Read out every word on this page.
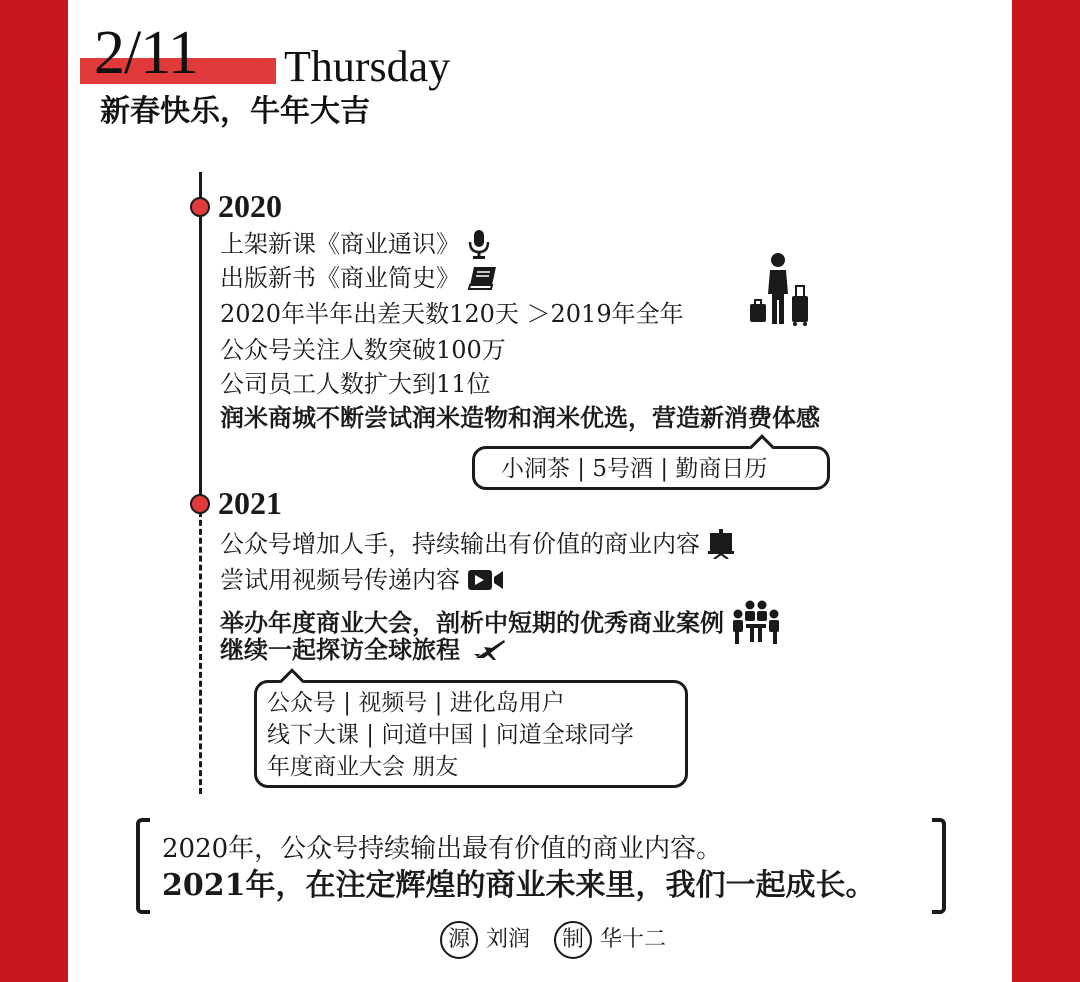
2/11 Thursday
新春快乐，牛年大吉
2020
上架新课《商业通识》
出版新书《商业简史》
2020年半年出差天数120天 ＞2019年全年
公众号关注人数突破100万
公司员工人数扩大到11位
润米商城不断尝试润米造物和润米优选，营造新消费体感
小洞茶 | 5号酒 | 勤商日历
2021
公众号增加人手，持续输出有价值的商业内容
尝试用视频号传递内容
举办年度商业大会，剖析中短期的优秀商业案例
继续一起探访全球旅程
公众号 | 视频号 | 进化岛用户
线下大课 | 问道中国 | 问道全球同学
年度商业大会 朋友
2020年，公众号持续输出最有价值的商业内容。
2021年，在注定辉煌的商业未来里，我们一起成长。
源 刘润	制 华十二
